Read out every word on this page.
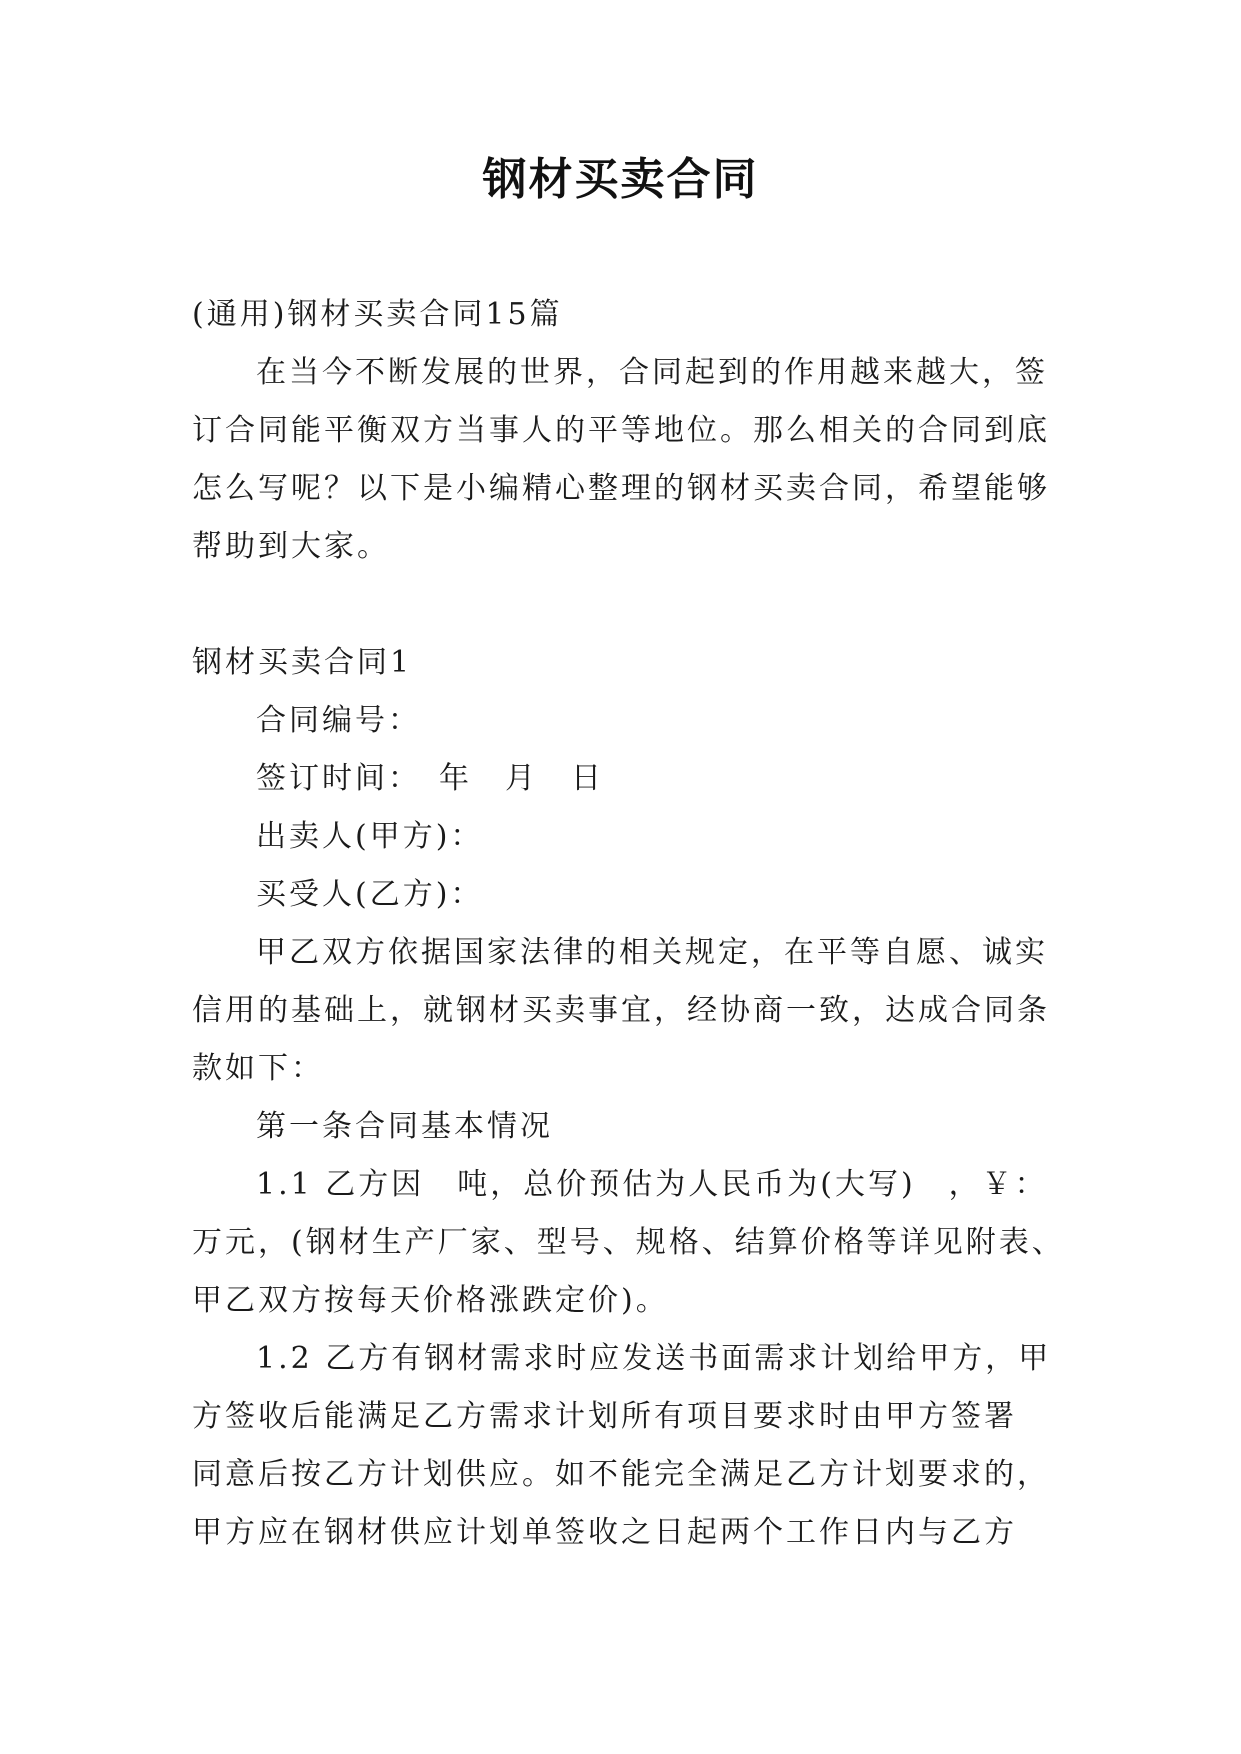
钢材买卖合同
(通用)钢材买卖合同15篇
在当今不断发展的世界，合同起到的作用越来越大，签
订合同能平衡双方当事人的平等地位。那么相关的合同到底
怎么写呢？以下是小编精心整理的钢材买卖合同，希望能够
帮助到大家。
钢材买卖合同1
合同编号：
签订时间：　年　月　日
出卖人(甲方)：
买受人(乙方)：
甲乙双方依据国家法律的相关规定，在平等自愿、诚实
信用的基础上，就钢材买卖事宜，经协商一致，达成合同条
款如下：
第一条合同基本情况
1.1 乙方因　吨，总价预估为人民币为(大写)　，￥：
万元，(钢材生产厂家、型号、规格、结算价格等详见附表、
甲乙双方按每天价格涨跌定价)。
1.2 乙方有钢材需求时应发送书面需求计划给甲方，甲
方签收后能满足乙方需求计划所有项目要求时由甲方签署
同意后按乙方计划供应。如不能完全满足乙方计划要求的，
甲方应在钢材供应计划单签收之日起两个工作日内与乙方
